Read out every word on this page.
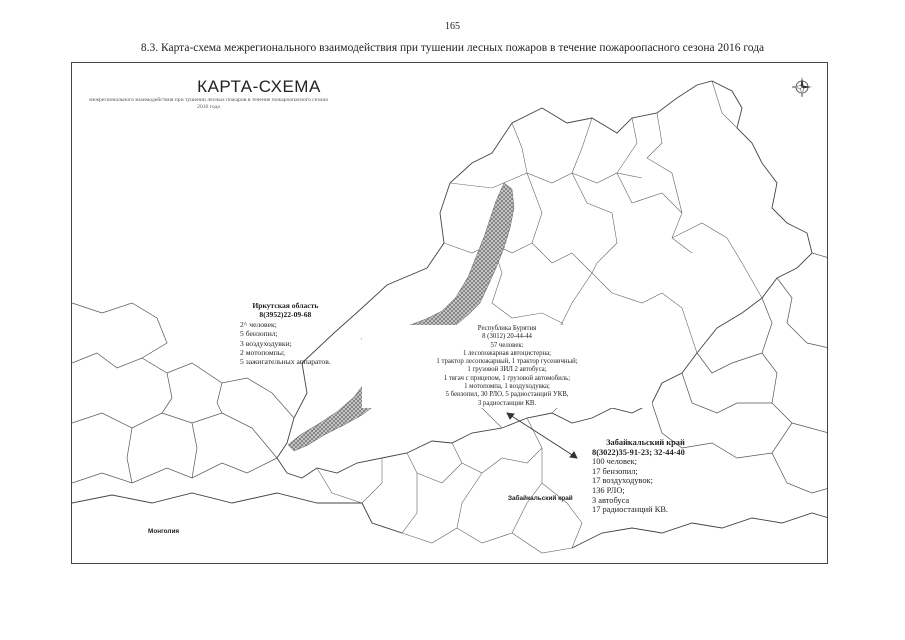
165
8.3. Карта-схема межрегионального взаимодействия при тушении лесных пожаров в течение пожароопасного сезона 2016 года
КАРТА-СХЕМА
межрегионального взаимодействия при тушении лесных пожаров в течение пожароопасного сезона 2016 года
Иркутская область
8(3952)22-09-68
2^ человек;
5 бензопил;
3 воздуходувки;
2 мотопомпы;
5 зажигательных аппаратов.
Республика Бурятия
8 (3012) 20-44-44
57 человек:
1 лесопожарная автоцистерна;
1 трактор лесопожарный, 1 трактор гусеничный;
1 грузовой ЗИЛ 2 автобуса;
1 тягач с прицепом, 1 грузовой автомобиль;
1 мотопомпа, 1 воздуходувка;
5 бензопил, 30 РЛО, 5 радиостанций УКВ,
3 радиостанции КВ.
Забайкальский край
8(3022)35-91-23; 32-44-40
100 человек;
17 бензопил;
17 воздуходувок;
136 РЛО;
3 автобуса
17 радиостанций КВ.
Монголия
Забайкальский край
